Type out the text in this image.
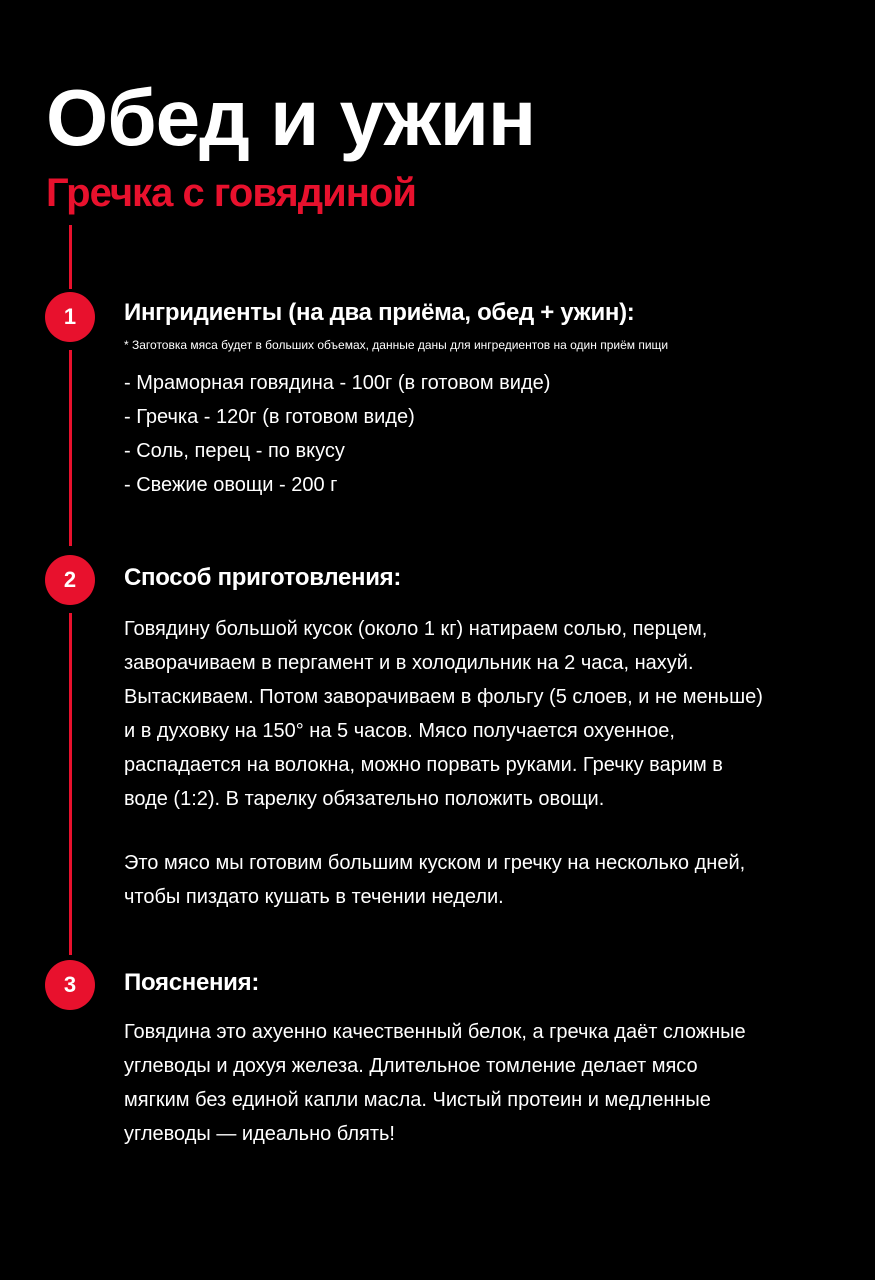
Обед и ужин
Гречка с говядиной
1	Ингридиенты (на два приёма, обед + ужин):
* Заготовка мяса будет в больших объемах, данные даны для ингредиентов на один приём пищи
- Мраморная говядина - 100г (в готовом виде)
- Гречка - 120г (в готовом виде)
- Соль, перец - по вкусу
- Свежие овощи - 200 г
2	Способ приготовления:

Говядину большой кусок (около 1 кг) натираем солью, перцем,
заворачиваем в пергамент и в холодильник на 2 часа, нахуй.
Вытаскиваем. Потом заворачиваем в фольгу (5 слоев, и не меньше)
и в духовку на 150° на 5 часов. Мясо получается охуенное,
распадается на волокна, можно порвать руками. Гречку варим в
воде (1:2). В тарелку обязательно положить овощи.

Это мясо мы готовим большим куском и гречку на несколько дней,
чтобы пиздато кушать в течении недели.

3	Пояснения:

Говядина это ахуенно качественный белок, а гречка даёт сложные
углеводы и дохуя железа. Длительное томление делает мясо
мягким без единой капли масла. Чистый протеин и медленные
углеводы — идеально блять!
